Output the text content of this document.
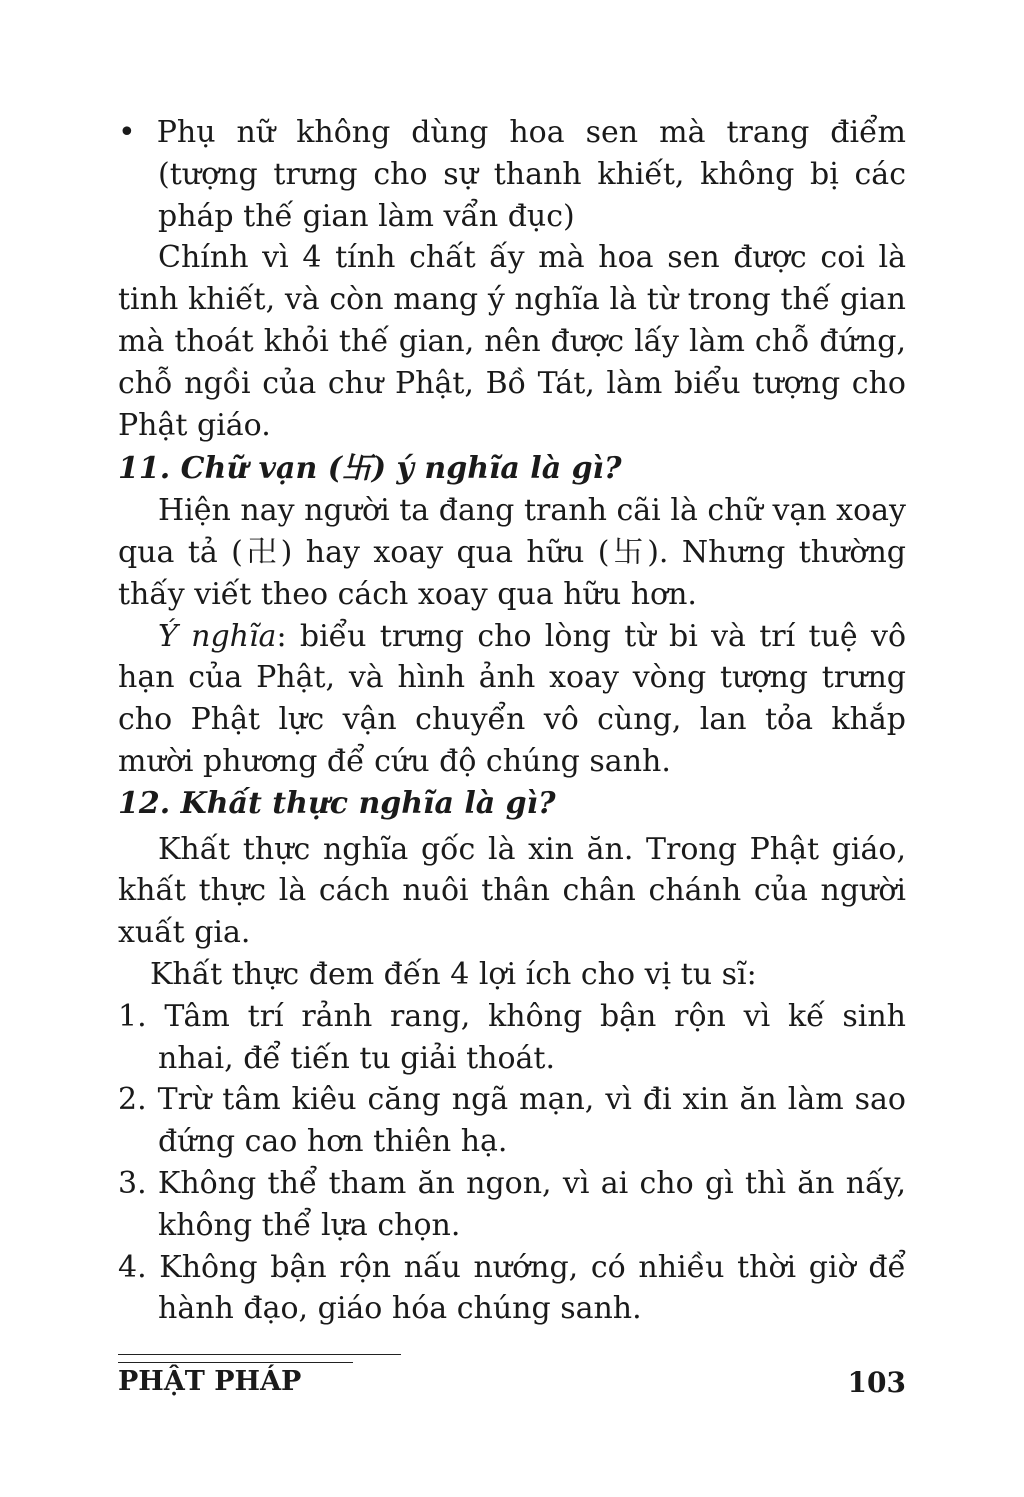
• Phụ nữ không dùng hoa sen mà trang điểm (tượng trưng cho sự thanh khiết, không bị các pháp thế gian làm vẩn đục)

Chính vì 4 tính chất ấy mà hoa sen được coi là tinh khiết, và còn mang ý nghĩa là từ trong thế gian mà thoát khỏi thế gian, nên được lấy làm chỗ đứng, chỗ ngồi của chư Phật, Bồ Tát, làm biểu tượng cho Phật giáo.

11. Chữ vạn (卐) ý nghĩa là gì?

Hiện nay người ta đang tranh cãi là chữ vạn xoay qua tả (卍) hay xoay qua hữu (卐). Nhưng thường thấy viết theo cách xoay qua hữu hơn.

Ý nghĩa: biểu trưng cho lòng từ bi và trí tuệ vô hạn của Phật, và hình ảnh xoay vòng tượng trưng cho Phật lực vận chuyển vô cùng, lan tỏa khắp mười phương để cứu độ chúng sanh.

12. Khất thực nghĩa là gì?

Khất thực nghĩa gốc là xin ăn. Trong Phật giáo, khất thực là cách nuôi thân chân chánh của người xuất gia.

Khất thực đem đến 4 lợi ích cho vị tu sĩ:

1. Tâm trí rảnh rang, không bận rộn vì kế sinh nhai, để tiến tu giải thoát.

2. Trừ tâm kiêu căng ngã mạn, vì đi xin ăn làm sao đứng cao hơn thiên hạ.

3. Không thể tham ăn ngon, vì ai cho gì thì ăn nấy, không thể lựa chọn.

4. Không bận rộn nấu nướng, có nhiều thời giờ để hành đạo, giáo hóa chúng sanh.

PHẬT PHÁP	103
